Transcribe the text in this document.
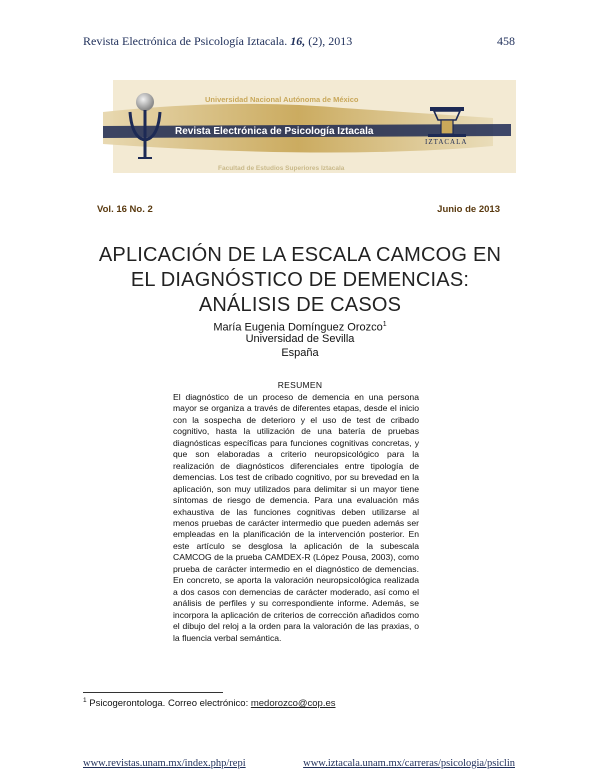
Revista Electrónica de Psicología Iztacala. 16, (2), 2013	458
Universidad Nacional Autónoma de México
Revista Electrónica de Psicología Iztacala
IZTACALA
Facultad de Estudios Superiores Iztacala
Vol. 16 No. 2	Junio de 2013
APLICACIÓN DE LA ESCALA CAMCOG EN
EL DIAGNÓSTICO DE DEMENCIAS:
ANÁLISIS DE CASOS
María Eugenia Domínguez Orozco$^1$
Universidad de Sevilla
España
RESUMEN
El diagnóstico de un proceso de demencia en una persona mayor se organiza a través de diferentes etapas, desde el inicio con la sospecha de deterioro y el uso de test de cribado cognitivo, hasta la utilización de una batería de pruebas diagnósticas específicas para funciones cognitivas concretas, y que son elaboradas a criterio neuropsicológico para la realización de diagnósticos diferenciales entre tipología de demencias. Los test de cribado cognitivo, por su brevedad en la aplicación, son muy utilizados para delimitar si un mayor tiene síntomas de riesgo de demencia. Para una evaluación más exhaustiva de las funciones cognitivas deben utilizarse al menos pruebas de carácter intermedio que pueden además ser empleadas en la planificación de la intervención posterior. En este artículo se desglosa la aplicación de la subescala CAMCOG de la prueba CAMDEX-R (López Pousa, 2003), como prueba de carácter intermedio en el diagnóstico de demencias. En concreto, se aporta la valoración neuropsicológica realizada a dos casos con demencias de carácter moderado, así como el análisis de perfiles y su correspondiente informe. Además, se incorpora la aplicación de criterios de corrección añadidos como el dibujo del reloj a la orden para la valoración de las praxias, o la fluencia verbal semántica.
$^1$ Psicogerontologa. Correo electrónico: medorozco@cop.es
www.revistas.unam.mx/index.php/repi	www.iztacala.unam.mx/carreras/psicologia/psiclin
